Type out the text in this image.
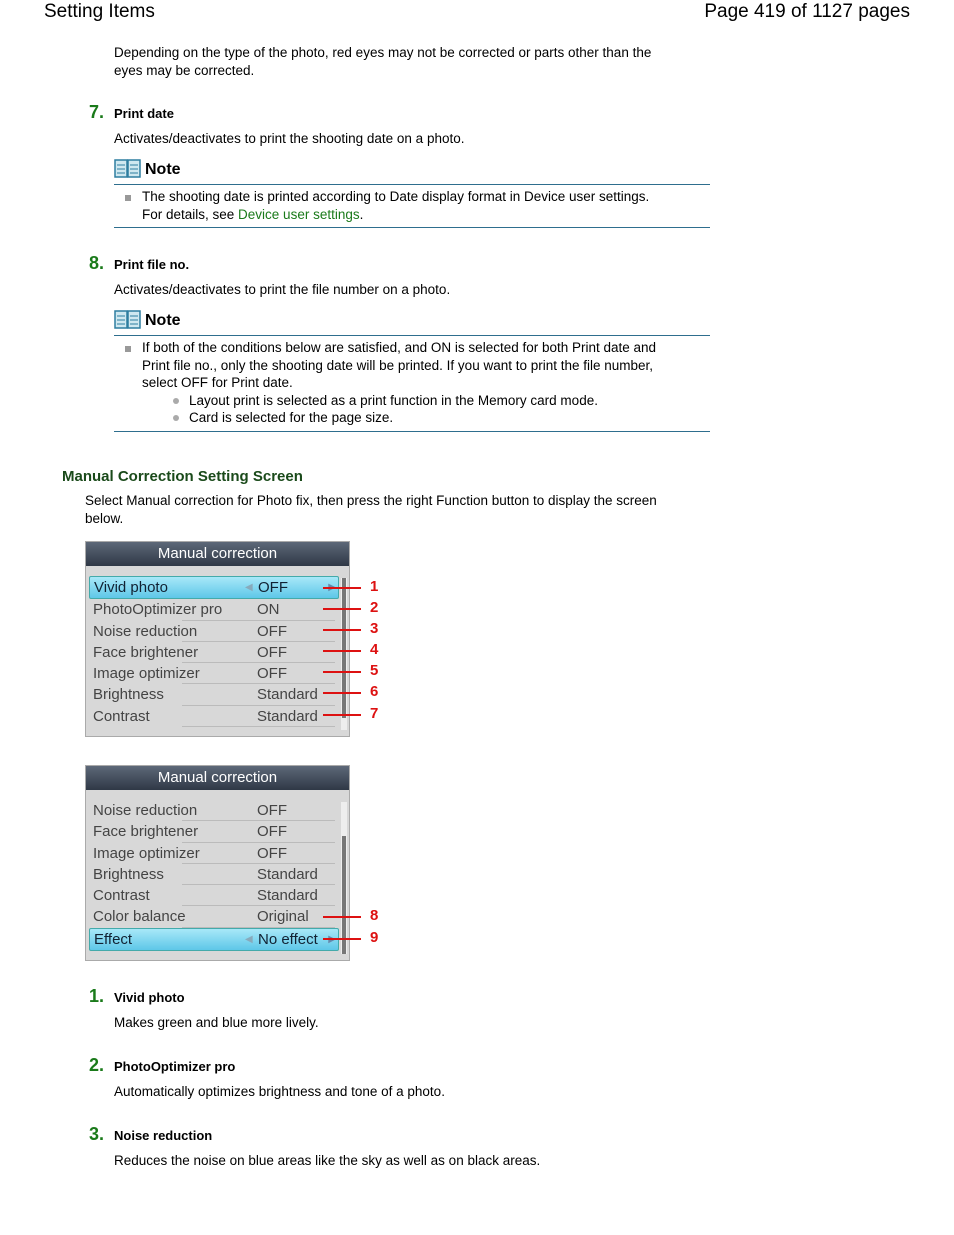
Setting Items	Page 419 of 1127 pages
Depending on the type of the photo, red eyes may not be corrected or parts other than the
eyes may be corrected.
7. Print date
Activates/deactivates to print the shooting date on a photo.
Note
The shooting date is printed according to Date display format in Device user settings.
For details, see Device user settings.
8. Print file no.
Activates/deactivates to print the file number on a photo.
Note
If both of the conditions below are satisfied, and ON is selected for both Print date and
Print file no., only the shooting date will be printed. If you want to print the file number,
select OFF for Print date.
Layout print is selected as a print function in the Memory card mode.
Card is selected for the page size.
Manual Correction Setting Screen
Select Manual correction for Photo fix, then press the right Function button to display the screen
below.
Manual correction
Vivid photo	◀ OFF
PhotoOptimizer pro ON
Noise reduction	OFF
Face brightener	OFF
Image optimizer	OFF
Brightness	Standard
Contrast	Standard
1
2
3
4
5
6
7
Manual correction
Noise reduction	OFF
Face brightener	OFF
Image optimizer	OFF
Brightness	Standard
Contrast	Standard
Color balance	Original
Effect	◀ No effect
8
9
1. Vivid photo
Makes green and blue more lively.
2. PhotoOptimizer pro
Automatically optimizes brightness and tone of a photo.
3. Noise reduction
Reduces the noise on blue areas like the sky as well as on black areas.
